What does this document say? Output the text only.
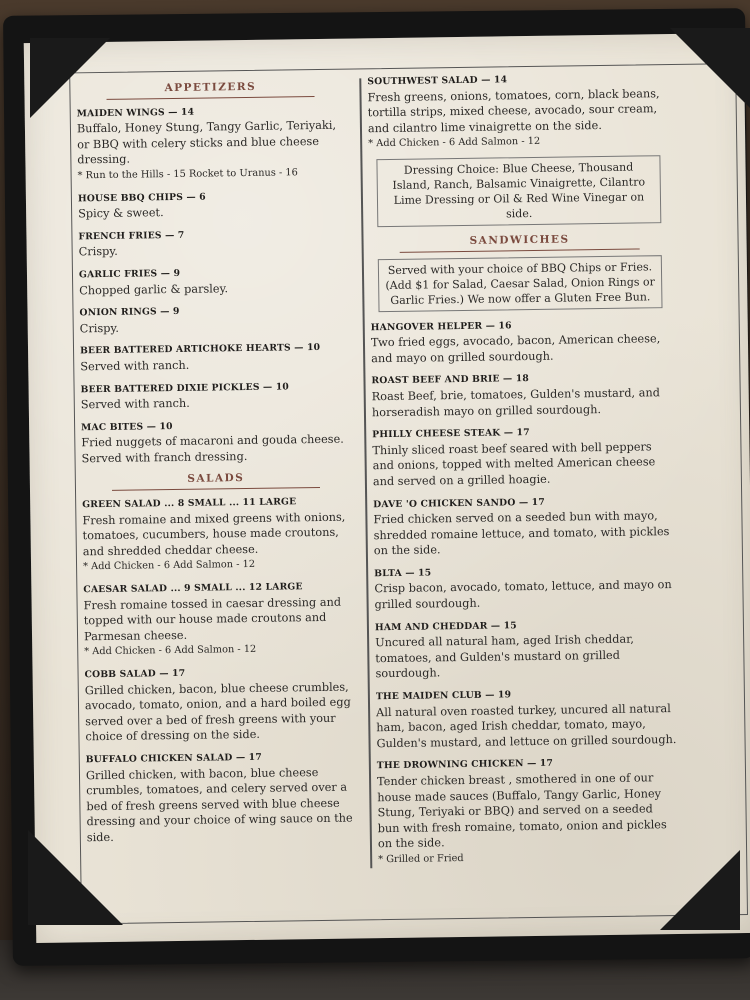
APPETIZERS
MAIDEN WINGS — 14
Buffalo, Honey Stung, Tangy Garlic, Teriyaki, or BBQ with celery sticks and blue cheese dressing.
* Run to the Hills - 15 Rocket to Uranus - 16
HOUSE BBQ CHIPS — 6
Spicy & sweet.
FRENCH FRIES — 7
Crispy.
GARLIC FRIES — 9
Chopped garlic & parsley.
ONION RINGS — 9
Crispy.
BEER BATTERED ARTICHOKE HEARTS — 10
Served with ranch.
BEER BATTERED DIXIE PICKLES — 10
Served with ranch.
MAC BITES — 10
Fried nuggets of macaroni and gouda cheese. Served with franch dressing.
SALADS
GREEN SALAD ... 8 SMALL ... 11 LARGE
Fresh romaine and mixed greens with onions, tomatoes, cucumbers, house made croutons, and shredded cheddar cheese.
* Add Chicken - 6 Add Salmon - 12
CAESAR SALAD ... 9 SMALL ... 12 LARGE
Fresh romaine tossed in caesar dressing and topped with our house made croutons and Parmesan cheese.
* Add Chicken - 6 Add Salmon - 12
COBB SALAD — 17
Grilled chicken, bacon, blue cheese crumbles, avocado, tomato, onion, and a hard boiled egg served over a bed of fresh greens with your choice of dressing on the side.
BUFFALO CHICKEN SALAD — 17
Grilled chicken, with bacon, blue cheese crumbles, tomatoes, and celery served over a bed of fresh greens served with blue cheese dressing and your choice of wing sauce on the side.
SOUTHWEST SALAD — 14
Fresh greens, onions, tomatoes, corn, black beans, tortilla strips, mixed cheese, avocado, sour cream, and cilantro lime vinaigrette on the side.
* Add Chicken - 6 Add Salmon - 12
Dressing Choice: Blue Cheese, Thousand Island, Ranch, Balsamic Vinaigrette, Cilantro Lime Dressing or Oil & Red Wine Vinegar on side.
SANDWICHES
Served with your choice of BBQ Chips or Fries. (Add $1 for Salad, Caesar Salad, Onion Rings or Garlic Fries.) We now offer a Gluten Free Bun.
HANGOVER HELPER — 16
Two fried eggs, avocado, bacon, American cheese, and mayo on grilled sourdough.
ROAST BEEF AND BRIE — 18
Roast Beef, brie, tomatoes, Gulden's mustard, and horseradish mayo on grilled sourdough.
PHILLY CHEESE STEAK — 17
Thinly sliced roast beef seared with bell peppers and onions, topped with melted American cheese and served on a grilled hoagie.
DAVE 'O CHICKEN SANDO — 17
Fried chicken served on a seeded bun with mayo, shredded romaine lettuce, and tomato, with pickles on the side.
BLTA — 15
Crisp bacon, avocado, tomato, lettuce, and mayo on grilled sourdough.
HAM AND CHEDDAR — 15
Uncured all natural ham, aged Irish cheddar, tomatoes, and Gulden's mustard on grilled sourdough.
THE MAIDEN CLUB — 19
All natural oven roasted turkey, uncured all natural ham, bacon, aged Irish cheddar, tomato, mayo, Gulden's mustard, and lettuce on grilled sourdough.
THE DROWNING CHICKEN — 17
Tender chicken breast , smothered in one of our house made sauces (Buffalo, Tangy Garlic, Honey Stung, Teriyaki or BBQ) and served on a seeded bun with fresh romaine, tomato, onion and pickles on the side.
* Grilled or Fried
